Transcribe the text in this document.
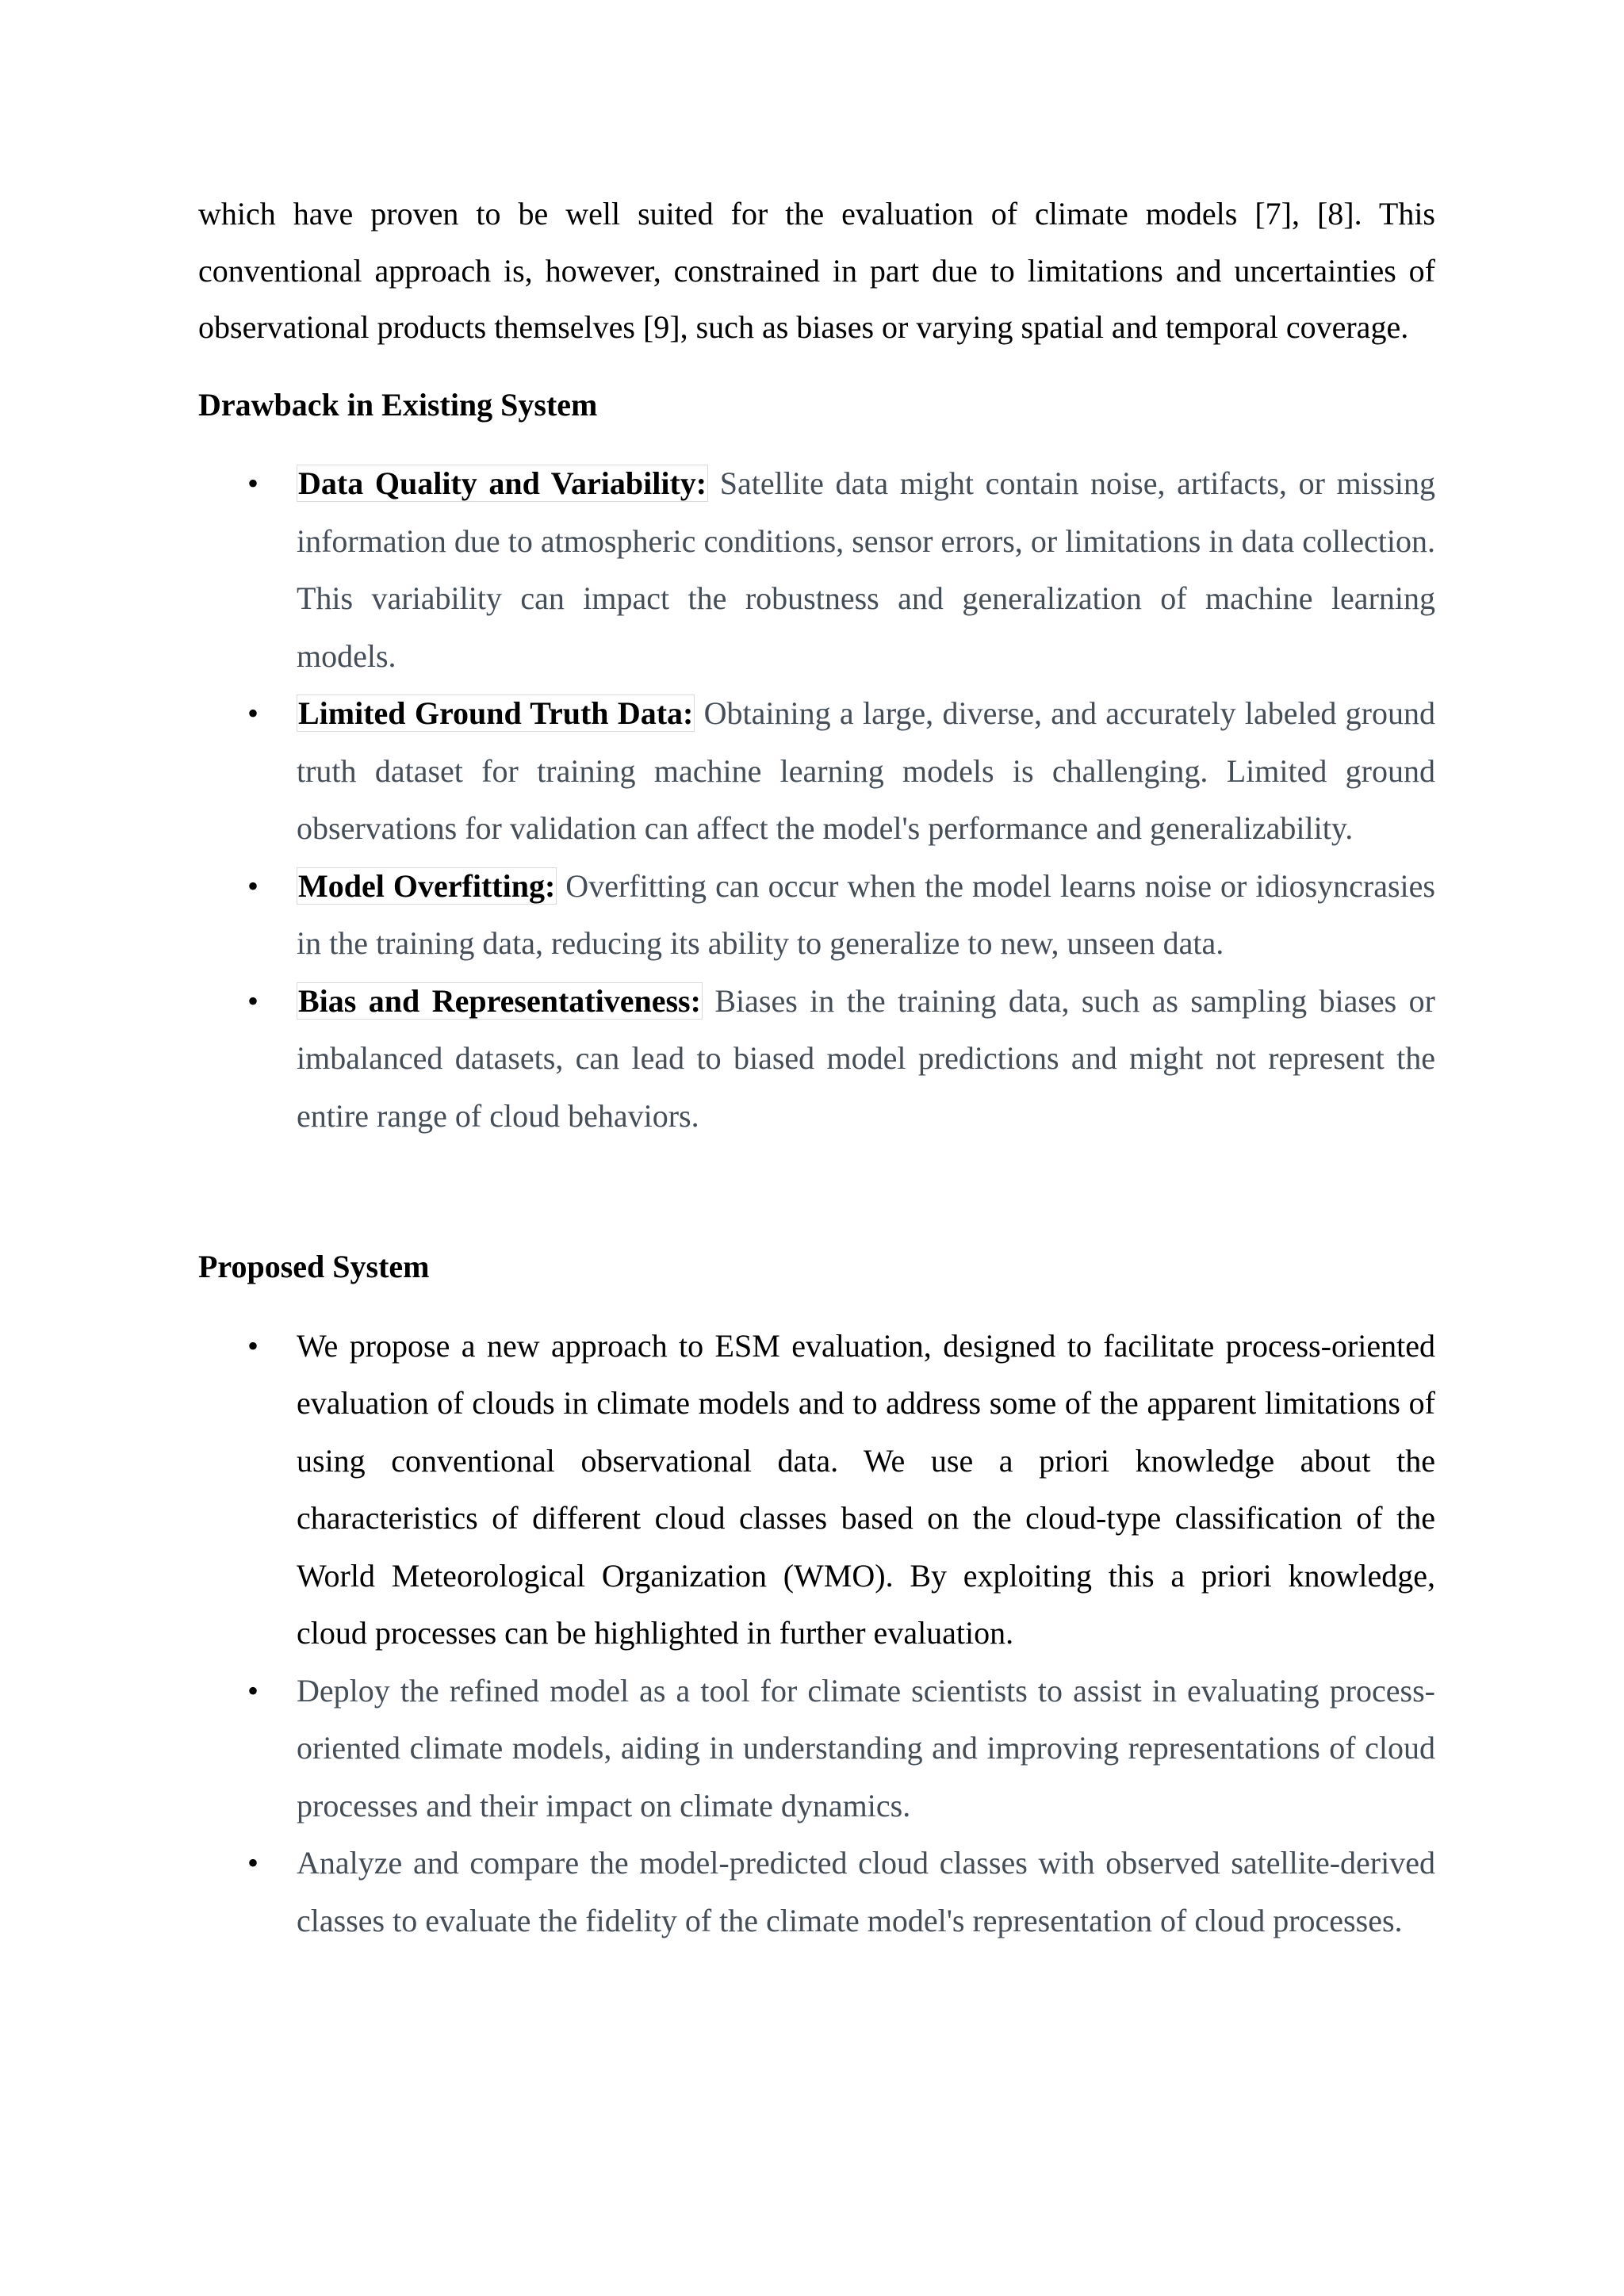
which have proven to be well suited for the evaluation of climate models [7], [8]. This conventional approach is, however, constrained in part due to limitations and uncertainties of observational products themselves [9], such as biases or varying spatial and temporal coverage.

Drawback in Existing System
• Data Quality and Variability: Satellite data might contain noise, artifacts, or missing information due to atmospheric conditions, sensor errors, or limitations in data collection. This variability can impact the robustness and generalization of machine learning models.
• Limited Ground Truth Data: Obtaining a large, diverse, and accurately labeled ground truth dataset for training machine learning models is challenging. Limited ground observations for validation can affect the model's performance and generalizability.
• Model Overfitting: Overfitting can occur when the model learns noise or idiosyncrasies in the training data, reducing its ability to generalize to new, unseen data.
• Bias and Representativeness: Biases in the training data, such as sampling biases or imbalanced datasets, can lead to biased model predictions and might not represent the entire range of cloud behaviors.
Proposed System
• We propose a new approach to ESM evaluation, designed to facilitate process-oriented evaluation of clouds in climate models and to address some of the apparent limitations of using conventional observational data. We use a priori knowledge about the characteristics of different cloud classes based on the cloud-type classification of the World Meteorological Organization (WMO). By exploiting this a priori knowledge, cloud processes can be highlighted in further evaluation.
• Deploy the refined model as a tool for climate scientists to assist in evaluating process-oriented climate models, aiding in understanding and improving representations of cloud processes and their impact on climate dynamics.
• Analyze and compare the model-predicted cloud classes with observed satellite-derived classes to evaluate the fidelity of the climate model's representation of cloud processes.
